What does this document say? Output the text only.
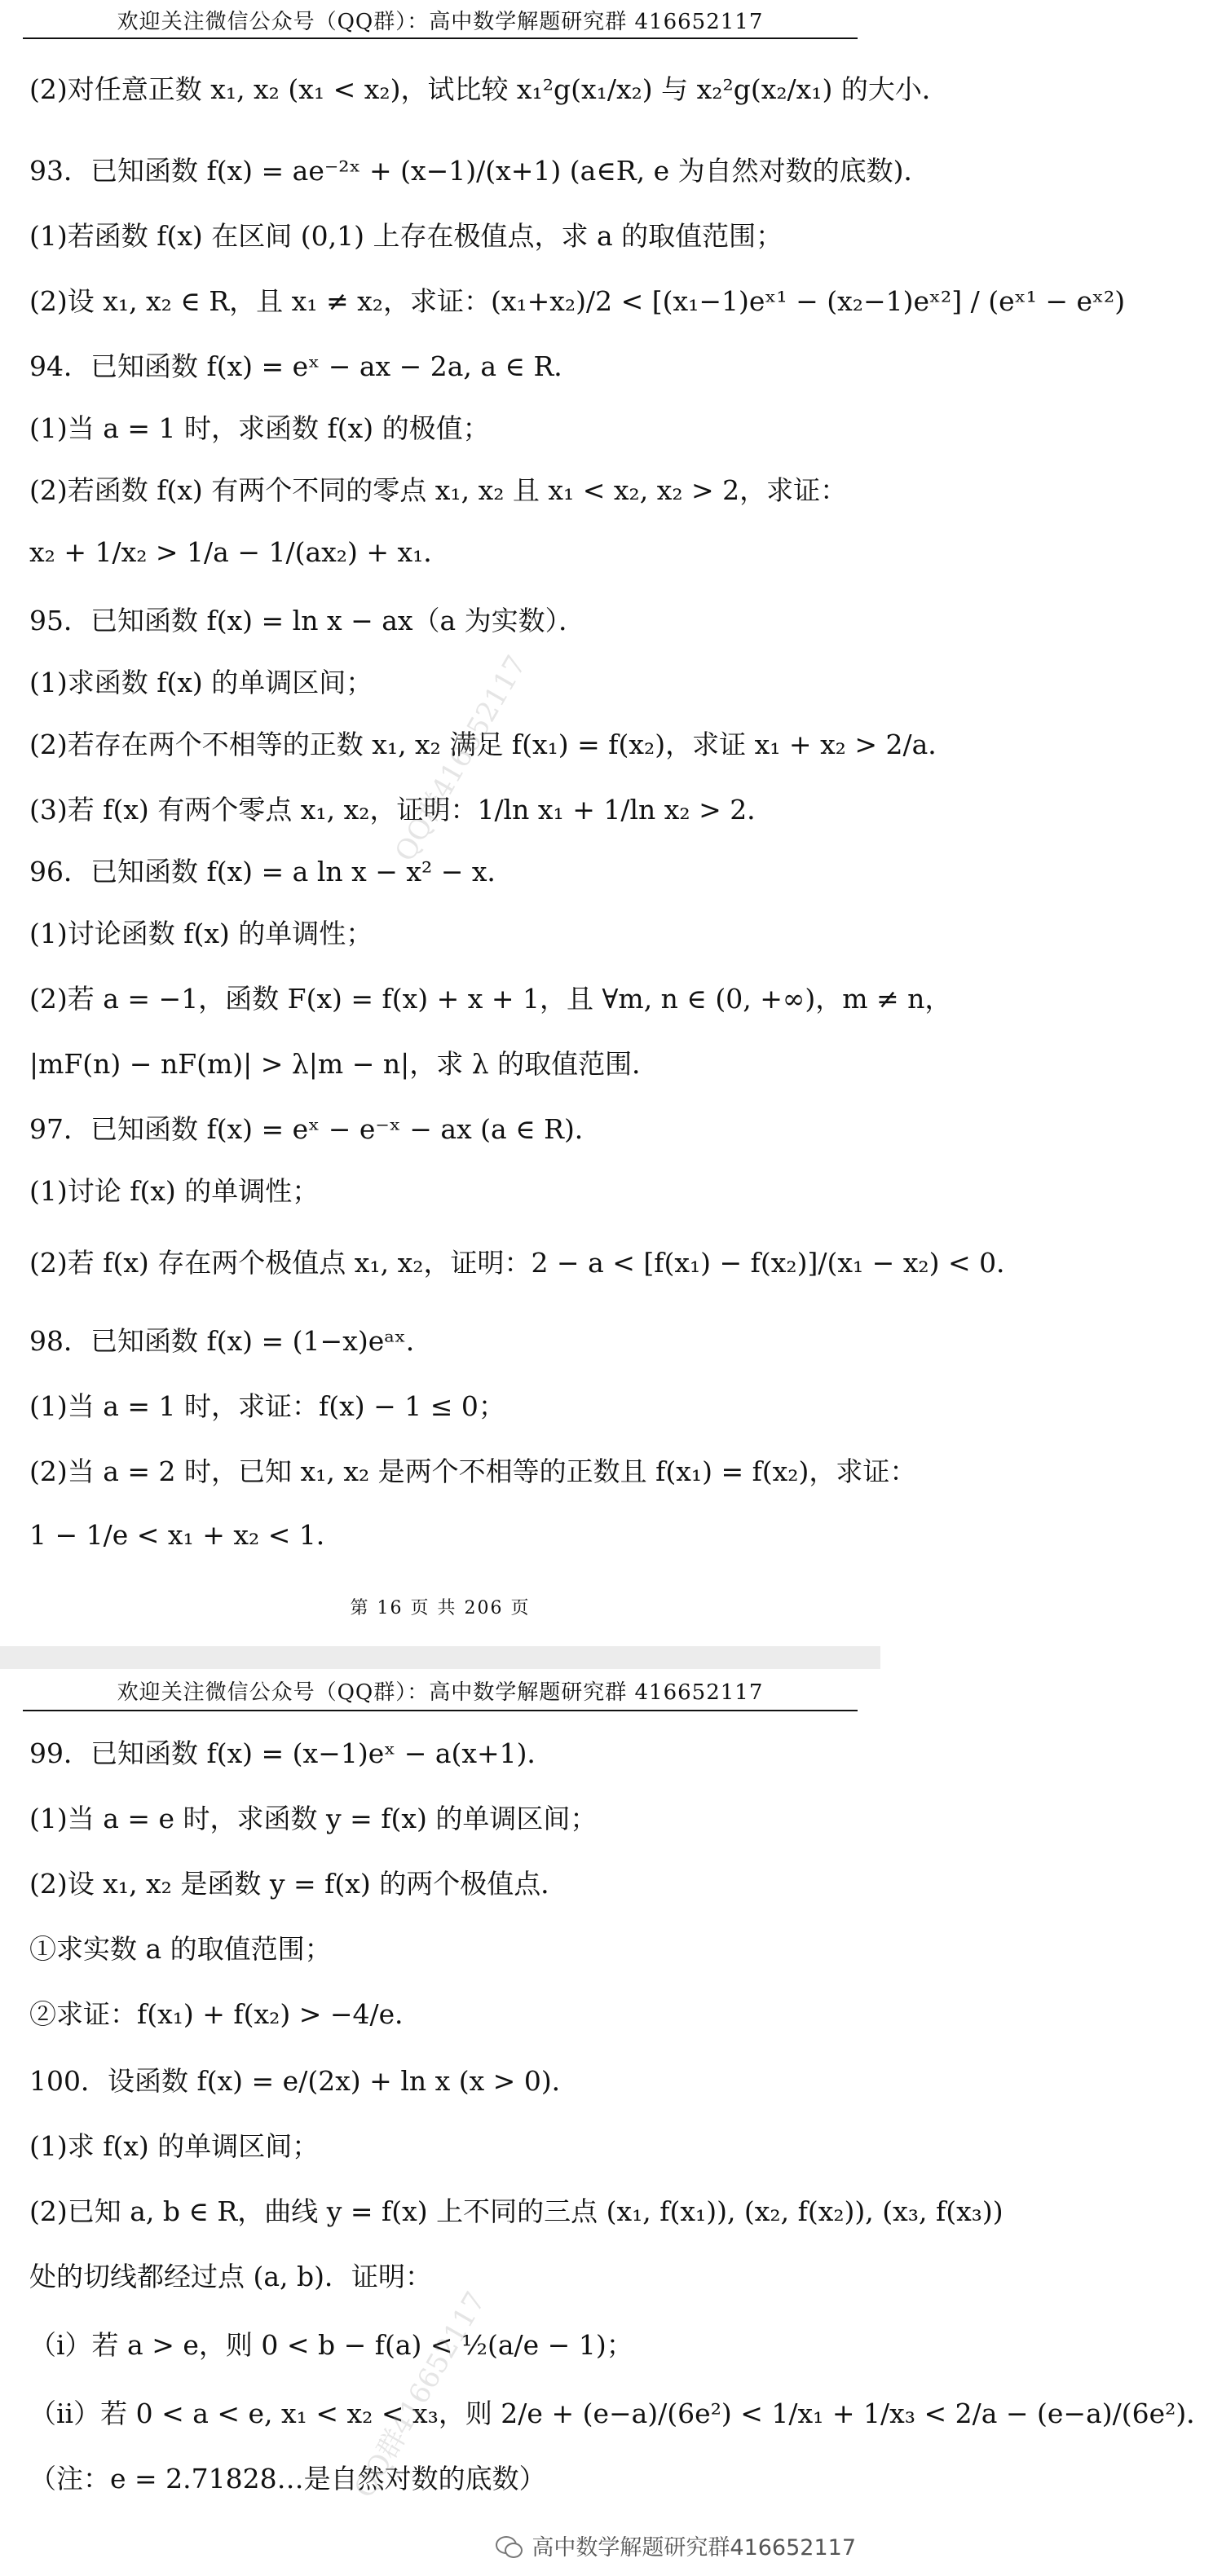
欢迎关注微信公众号（QQ群）：高中数学解题研究群 416652117
(2)对任意正数 x₁, x₂ (x₁ < x₂)，试比较 x₁²g(x₁/x₂) 与 x₂²g(x₂/x₁) 的大小．
93．已知函数 f(x) = ae⁻²ˣ + (x−1)/(x+1) (a∈R, e 为自然对数的底数)．
(1)若函数 f(x) 在区间 (0,1) 上存在极值点，求 a 的取值范围；
(2)设 x₁, x₂ ∈ R，且 x₁ ≠ x₂，求证：(x₁+x₂)/2 < [(x₁−1)eˣ¹ − (x₂−1)eˣ²] / (eˣ¹ − eˣ²)
94．已知函数 f(x) = eˣ − ax − 2a, a ∈ R．
(1)当 a = 1 时，求函数 f(x) 的极值；
(2)若函数 f(x) 有两个不同的零点 x₁, x₂ 且 x₁ < x₂, x₂ > 2，求证：
x₂ + 1/x₂ > 1/a − 1/(ax₂) + x₁．
95．已知函数 f(x) = ln x − ax（a 为实数）．
(1)求函数 f(x) 的单调区间；
(2)若存在两个不相等的正数 x₁, x₂ 满足 f(x₁) = f(x₂)，求证 x₁ + x₂ > 2/a．
(3)若 f(x) 有两个零点 x₁, x₂，证明：1/ln x₁ + 1/ln x₂ > 2．
96．已知函数 f(x) = a ln x − x² − x．
(1)讨论函数 f(x) 的单调性；
(2)若 a = −1，函数 F(x) = f(x) + x + 1，且 ∀m, n ∈ (0, +∞)，m ≠ n，
|mF(n) − nF(m)| > λ|m − n|，求 λ 的取值范围．
97．已知函数 f(x) = eˣ − e⁻ˣ − ax (a ∈ R)．
(1)讨论 f(x) 的单调性；
(2)若 f(x) 存在两个极值点 x₁, x₂，证明：2 − a < [f(x₁) − f(x₂)]/(x₁ − x₂) < 0．
98．已知函数 f(x) = (1−x)eᵃˣ．
(1)当 a = 1 时，求证：f(x) − 1 ≤ 0；
(2)当 a = 2 时，已知 x₁, x₂ 是两个不相等的正数且 f(x₁) = f(x₂)，求证：
1 − 1/e < x₁ + x₂ < 1．
第 16 页 共 206 页
QQ群416652117
欢迎关注微信公众号（QQ群）：高中数学解题研究群 416652117
99．已知函数 f(x) = (x−1)eˣ − a(x+1)．
(1)当 a = e 时，求函数 y = f(x) 的单调区间；
(2)设 x₁, x₂ 是函数 y = f(x) 的两个极值点．
①求实数 a 的取值范围；
②求证：f(x₁) + f(x₂) > −4/e．
100．设函数 f(x) = e/(2x) + ln x (x > 0)．
(1)求 f(x) 的单调区间；
(2)已知 a, b ∈ R，曲线 y = f(x) 上不同的三点 (x₁, f(x₁)), (x₂, f(x₂)), (x₃, f(x₃))
处的切线都经过点 (a, b)．证明：
（i）若 a > e，则 0 < b − f(a) < ½(a/e − 1)；
（ii）若 0 < a < e, x₁ < x₂ < x₃，则 2/e + (e−a)/(6e²) < 1/x₁ + 1/x₃ < 2/a − (e−a)/(6e²)．
（注：e = 2.71828…是自然对数的底数）
QQ群416652117
高中数学解题研究群416652117
